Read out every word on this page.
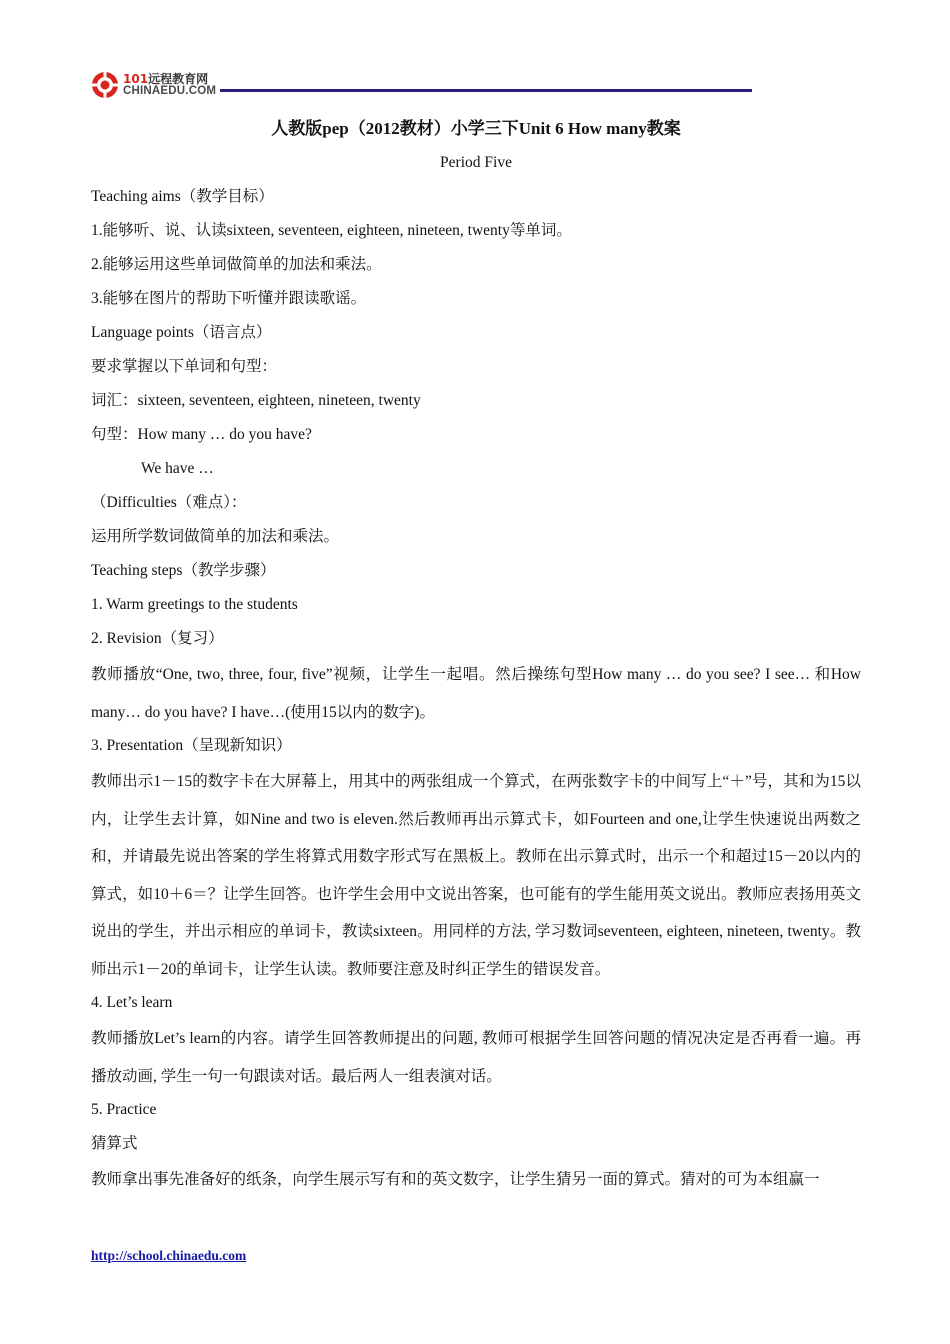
101远程教育网
CHINAEDU.COM
人教版pep（2012教材）小学三下Unit 6 How many教案
Period Five
Teaching aims（教学目标）
1.能够听、说、认读sixteen, seventeen, eighteen, nineteen, twenty等单词。
2.能够运用这些单词做简单的加法和乘法。
3.能够在图片的帮助下听懂并跟读歌谣。
Language points（语言点）
要求掌握以下单词和句型：
词汇：sixteen, seventeen, eighteen, nineteen, twenty
句型：How many … do you have?
We have …
（Difficulties（难点）：
运用所学数词做简单的加法和乘法。
Teaching steps（教学步骤）
1. Warm greetings to the students
2. Revision（复习）

教师播放“One, two, three, four, five”视频，让学生一起唱。然后操练句型How many … do you see? I see… 和How many… do you have? I have…(使用15以内的数字)。

3. Presentation（呈现新知识）

教师出示1－15的数字卡在大屏幕上，用其中的两张组成一个算式，在两张数字卡的中间写上“＋”号，其和为15以内，让学生去计算，如Nine and two is eleven.然后教师再出示算式卡，如Fourteen and one,让学生快速说出两数之和，并请最先说出答案的学生将算式用数字形式写在黑板上。教师在出示算式时，出示一个和超过15－20以内的算式，如10＋6＝？让学生回答。也许学生会用中文说出答案，也可能有的学生能用英文说出。教师应表扬用英文说出的学生，并出示相应的单词卡，教读sixteen。用同样的方法, 学习数词seventeen, eighteen, nineteen, twenty。教师出示1－20的单词卡，让学生认读。教师要注意及时纠正学生的错误发音。

4. Let’s learn

教师播放Let’s learn的内容。请学生回答教师提出的问题, 教师可根据学生回答问题的情况决定是否再看一遍。再播放动画, 学生一句一句跟读对话。最后两人一组表演对话。

5. Practice
猜算式

教师拿出事先准备好的纸条，向学生展示写有和的英文数字，让学生猜另一面的算式。猜对的可为本组赢一

http://school.chinaedu.com
